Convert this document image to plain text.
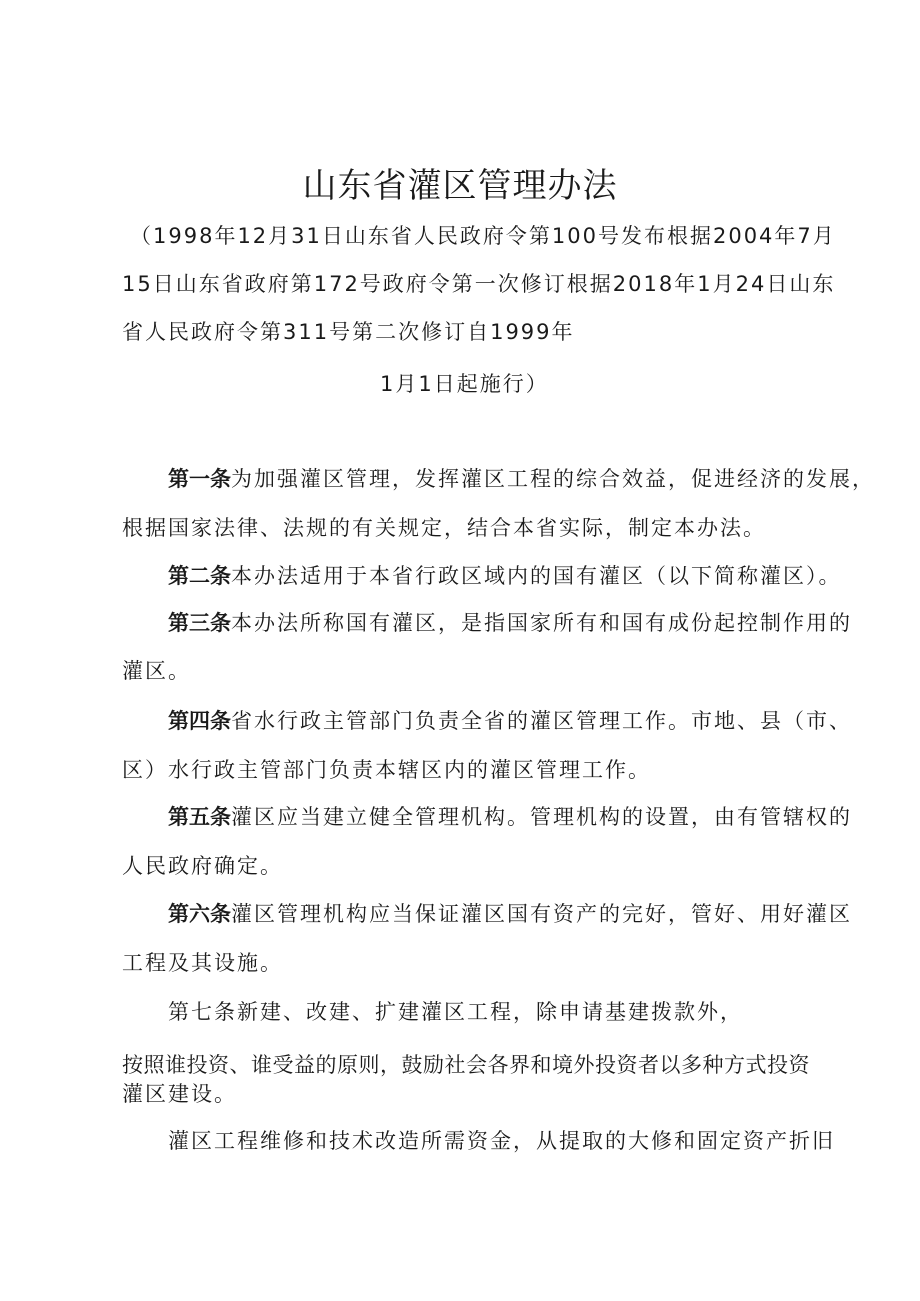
山东省灌区管理办法
（1998年12月31日山东省人民政府令第100号发布根据2004年7月
15日山东省政府第172号政府令第一次修订根据2018年1月24日山东
省人民政府令第311号第二次修订自1999年
1月1日起施行）
第一条为加强灌区管理，发挥灌区工程的综合效益，促进经济的发展，
根据国家法律、法规的有关规定，结合本省实际，制定本办法。
第二条本办法适用于本省行政区域内的国有灌区（以下简称灌区）。
第三条本办法所称国有灌区，是指国家所有和国有成份起控制作用的
灌区。
第四条省水行政主管部门负责全省的灌区管理工作。市地、县（市、
区）水行政主管部门负责本辖区内的灌区管理工作。
第五条灌区应当建立健全管理机构。管理机构的设置，由有管辖权的
人民政府确定。
第六条灌区管理机构应当保证灌区国有资产的完好，管好、用好灌区
工程及其设施。
第七条新建、改建、扩建灌区工程，除申请基建拨款外，
按照谁投资、谁受益的原则，鼓励社会各界和境外投资者以多种方式投资
灌区建设。
灌区工程维修和技术改造所需资金，从提取的大修和固定资产折旧
